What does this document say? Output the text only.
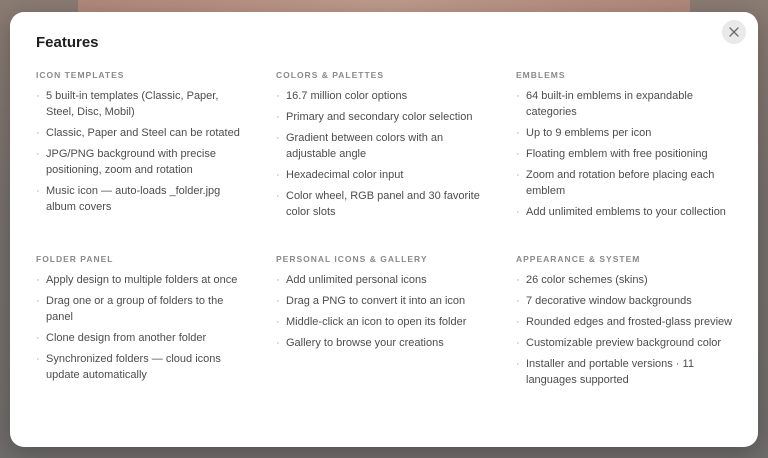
Features
ICON TEMPLATES
· 5 built-in templates (Classic, Paper, Steel, Disc, Mobil)
· Classic, Paper and Steel can be rotated
· JPG/PNG background with precise positioning, zoom and rotation
· Music icon — auto-loads _folder.jpg album covers
COLORS & PALETTES
· 16.7 million color options
· Primary and secondary color selection
· Gradient between colors with an adjustable angle
· Hexadecimal color input
· Color wheel, RGB panel and 30 favorite color slots
EMBLEMS
· 64 built-in emblems in expandable categories
· Up to 9 emblems per icon
· Floating emblem with free positioning
· Zoom and rotation before placing each emblem
· Add unlimited emblems to your collection
FOLDER PANEL
· Apply design to multiple folders at once
· Drag one or a group of folders to the panel
· Clone design from another folder
· Synchronized folders — cloud icons update automatically
PERSONAL ICONS & GALLERY
· Add unlimited personal icons
· Drag a PNG to convert it into an icon
· Middle-click an icon to open its folder
· Gallery to browse your creations
APPEARANCE & SYSTEM
· 26 color schemes (skins)
· 7 decorative window backgrounds
· Rounded edges and frosted-glass preview
· Customizable preview background color
· Installer and portable versions · 11 languages supported
